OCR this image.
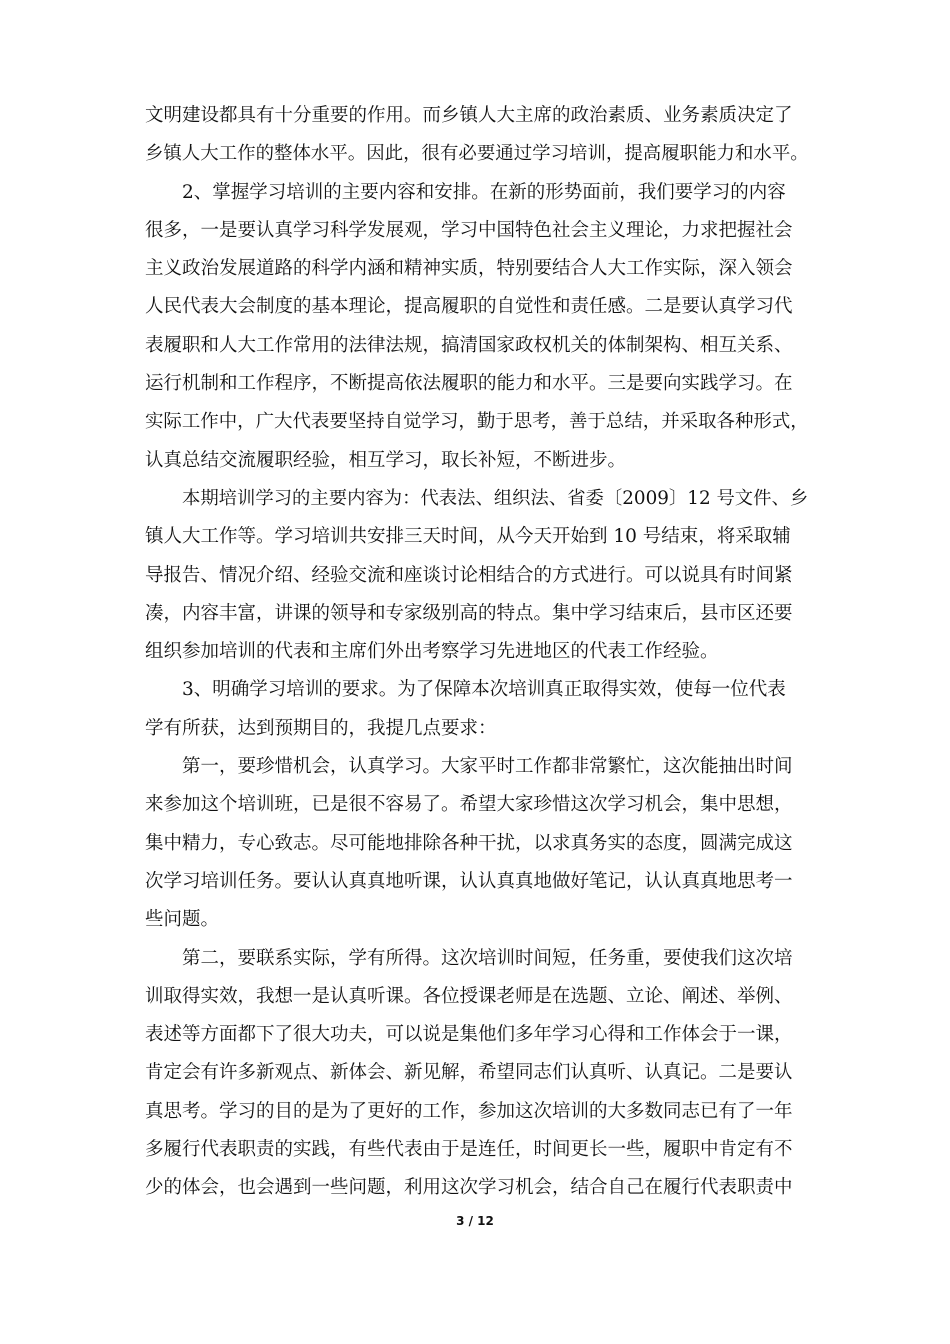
文明建设都具有十分重要的作用。而乡镇人大主席的政治素质、业务素质决定了
乡镇人大工作的整体水平。因此，很有必要通过学习培训，提高履职能力和水平。
2、掌握学习培训的主要内容和安排。在新的形势面前，我们要学习的内容
很多，一是要认真学习科学发展观，学习中国特色社会主义理论，力求把握社会
主义政治发展道路的科学内涵和精神实质，特别要结合人大工作实际，深入领会
人民代表大会制度的基本理论，提高履职的自觉性和责任感。二是要认真学习代
表履职和人大工作常用的法律法规，搞清国家政权机关的体制架构、相互关系、
运行机制和工作程序，不断提高依法履职的能力和水平。三是要向实践学习。在
实际工作中，广大代表要坚持自觉学习，勤于思考，善于总结，并采取各种形式，
认真总结交流履职经验，相互学习，取长补短，不断进步。
本期培训学习的主要内容为：代表法、组织法、省委〔2009〕12 号文件、乡
镇人大工作等。学习培训共安排三天时间，从今天开始到 10 号结束，将采取辅
导报告、情况介绍、经验交流和座谈讨论相结合的方式进行。可以说具有时间紧
凑，内容丰富，讲课的领导和专家级别高的特点。集中学习结束后，县市区还要
组织参加培训的代表和主席们外出考察学习先进地区的代表工作经验。
3、明确学习培训的要求。为了保障本次培训真正取得实效，使每一位代表
学有所获，达到预期目的，我提几点要求：
第一，要珍惜机会，认真学习。大家平时工作都非常繁忙，这次能抽出时间
来参加这个培训班，已是很不容易了。希望大家珍惜这次学习机会，集中思想，
集中精力，专心致志。尽可能地排除各种干扰，以求真务实的态度，圆满完成这
次学习培训任务。要认认真真地听课，认认真真地做好笔记，认认真真地思考一
些问题。
第二，要联系实际，学有所得。这次培训时间短，任务重，要使我们这次培
训取得实效，我想一是认真听课。各位授课老师是在选题、立论、阐述、举例、
表述等方面都下了很大功夫，可以说是集他们多年学习心得和工作体会于一课，
肯定会有许多新观点、新体会、新见解，希望同志们认真听、认真记。二是要认
真思考。学习的目的是为了更好的工作，参加这次培训的大多数同志已有了一年
多履行代表职责的实践，有些代表由于是连任，时间更长一些，履职中肯定有不
少的体会，也会遇到一些问题，利用这次学习机会，结合自己在履行代表职责中
3 / 12
